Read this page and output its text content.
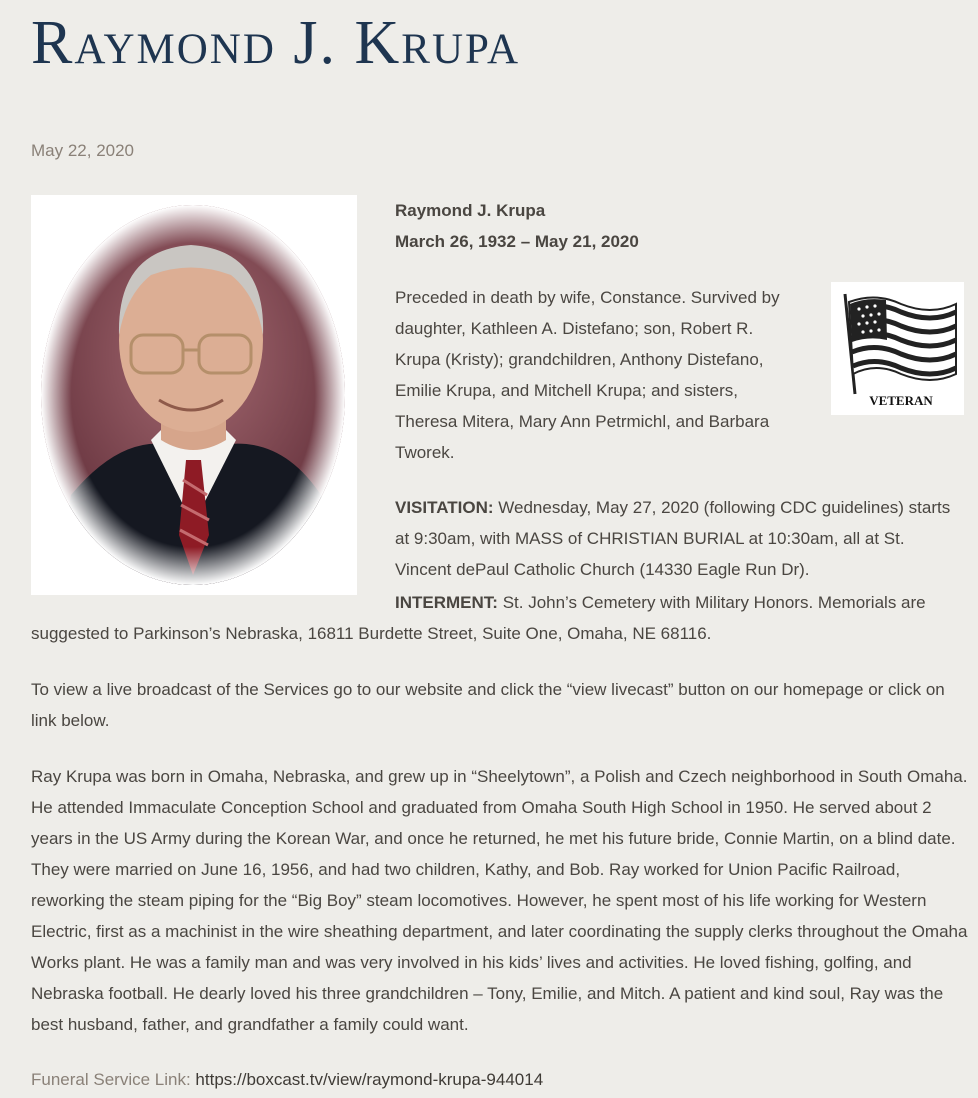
Raymond J. Krupa
May 22, 2020
Raymond J. Krupa
March 26, 1932 – May 21, 2020
Preceded in death by wife, Constance. Survived by daughter, Kathleen A. Distefano; son, Robert R. Krupa (Kristy); grandchildren, Anthony Distefano, Emilie Krupa, and Mitchell Krupa; and sisters, Theresa Mitera, Mary Ann Petrmichl, and Barbara Tworek.
VETERAN
VISITATION: Wednesday, May 27, 2020 (following CDC guidelines) starts at 9:30am, with MASS of CHRISTIAN BURIAL at 10:30am, all at St. Vincent dePaul Catholic Church (14330 Eagle Run Dr).
INTERMENT: St. John’s Cemetery with Military Honors. Memorials are suggested to Parkinson’s Nebraska, 16811 Burdette Street, Suite One, Omaha, NE 68116.

To view a live broadcast of the Services go to our website and click the “view livecast” button on our homepage or click on link below.

Ray Krupa was born in Omaha, Nebraska, and grew up in “Sheelytown”, a Polish and Czech neighborhood in South Omaha. He attended Immaculate Conception School and graduated from Omaha South High School in 1950. He served about 2 years in the US Army during the Korean War, and once he returned, he met his future bride, Connie Martin, on a blind date. They were married on June 16, 1956, and had two children, Kathy, and Bob. Ray worked for Union Pacific Railroad, reworking the steam piping for the “Big Boy” steam locomotives. However, he spent most of his life working for Western Electric, first as a machinist in the wire sheathing department, and later coordinating the supply clerks throughout the Omaha Works plant. He was a family man and was very involved in his kids’ lives and activities. He loved fishing, golfing, and Nebraska football. He dearly loved his three grandchildren – Tony, Emilie, and Mitch. A patient and kind soul, Ray was the best husband, father, and grandfather a family could want.

Funeral Service Link: https://boxcast.tv/view/raymond-krupa-944014
